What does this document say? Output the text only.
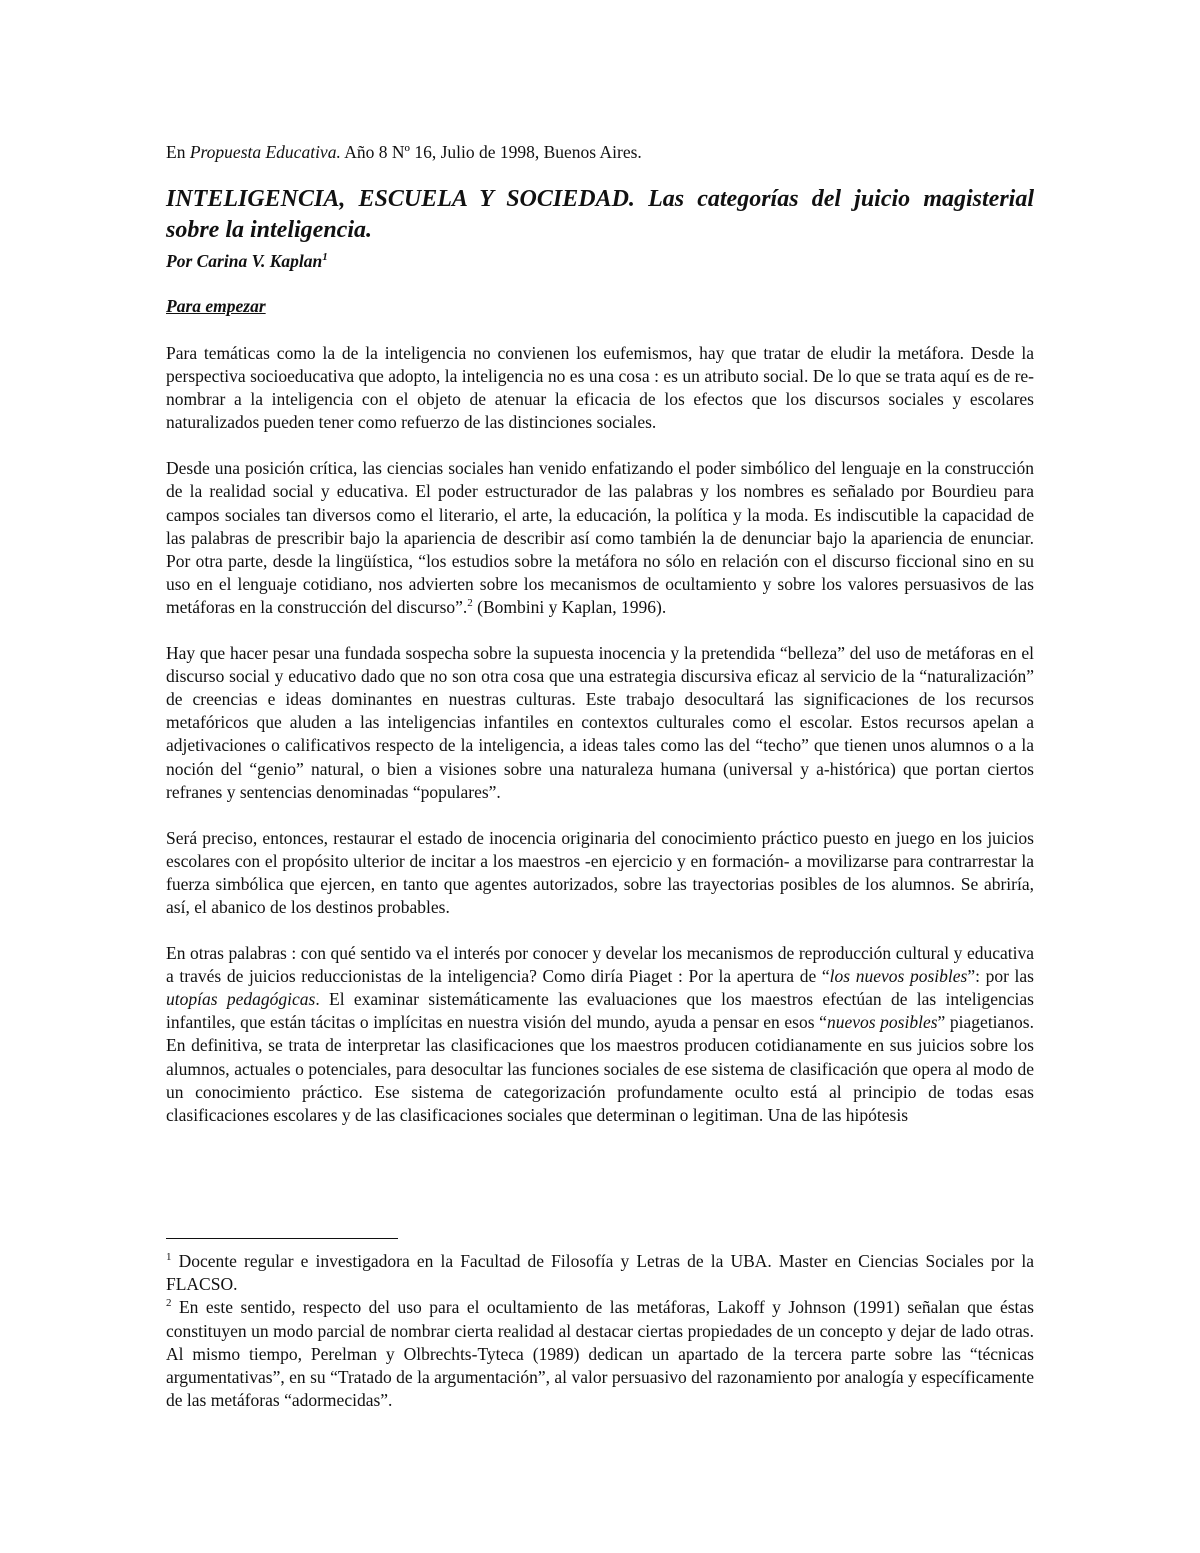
En Propuesta Educativa. Año 8 Nº 16, Julio de 1998, Buenos Aires.

INTELIGENCIA, ESCUELA Y SOCIEDAD. Las categorías del juicio magisterial sobre la inteligencia.

Por Carina V. Kaplan$^1$

Para empezar

Para temáticas como la de la inteligencia no convienen los eufemismos, hay que tratar de eludir la metáfora. Desde la perspectiva socioeducativa que adopto, la inteligencia no es una cosa : es un atributo social. De lo que se trata aquí es de re-nombrar a la inteligencia con el objeto de atenuar la eficacia de los efectos que los discursos sociales y escolares naturalizados pueden tener como refuerzo de las distinciones sociales.

Desde una posición crítica, las ciencias sociales han venido enfatizando el poder simbólico del lenguaje en la construcción de la realidad social y educativa. El poder estructurador de las palabras y los nombres es señalado por Bourdieu para campos sociales tan diversos como el literario, el arte, la educación, la política y la moda. Es indiscutible la capacidad de las palabras de prescribir bajo la apariencia de describir así como también la de denunciar bajo la apariencia de enunciar. Por otra parte, desde la lingüística, “los estudios sobre la metáfora no sólo en relación con el discurso ficcional sino en su uso en el lenguaje cotidiano, nos advierten sobre los mecanismos de ocultamiento y sobre los valores persuasivos de las metáforas en la construcción del discurso”.$^2$ (Bombini y Kaplan, 1996).

Hay que hacer pesar una fundada sospecha sobre la supuesta inocencia y la pretendida “belleza” del uso de metáforas en el discurso social y educativo dado que no son otra cosa que una estrategia discursiva eficaz al servicio de la “naturalización” de creencias e ideas dominantes en nuestras culturas. Este trabajo desocultará las significaciones de los recursos metafóricos que aluden a las inteligencias infantiles en contextos culturales como el escolar. Estos recursos apelan a adjetivaciones o calificativos respecto de la inteligencia, a ideas tales como las del “techo” que tienen unos alumnos o a la noción del “genio” natural, o bien a visiones sobre una naturaleza humana (universal y a-histórica) que portan ciertos refranes y sentencias denominadas “populares”.

Será preciso, entonces, restaurar el estado de inocencia originaria del conocimiento práctico puesto en juego en los juicios escolares con el propósito ulterior de incitar a los maestros -en ejercicio y en formación- a movilizarse para contrarrestar la fuerza simbólica que ejercen, en tanto que agentes autorizados, sobre las trayectorias posibles de los alumnos. Se abriría, así, el abanico de los destinos probables.

En otras palabras : con qué sentido va el interés por conocer y develar los mecanismos de reproducción cultural y educativa a través de juicios reduccionistas de la inteligencia? Como diría Piaget : Por la apertura de “los nuevos posibles”: por las utopías pedagógicas. El examinar sistemáticamente las evaluaciones que los maestros efectúan de las inteligencias infantiles, que están tácitas o implícitas en nuestra visión del mundo, ayuda a pensar en esos “nuevos posibles” piagetianos. En definitiva, se trata de interpretar las clasificaciones que los maestros producen cotidianamente en sus juicios sobre los alumnos, actuales o potenciales, para desocultar las funciones sociales de ese sistema de clasificación que opera al modo de un conocimiento práctico. Ese sistema de categorización profundamente oculto está al principio de todas esas clasificaciones escolares y de las clasificaciones sociales que determinan o legitiman. Una de las hipótesis

$^1$ Docente regular e investigadora en la Facultad de Filosofía y Letras de la UBA. Master en Ciencias Sociales por la FLACSO.

$^2$ En este sentido, respecto del uso para el ocultamiento de las metáforas, Lakoff y Johnson (1991) señalan que éstas constituyen un modo parcial de nombrar cierta realidad al destacar ciertas propiedades de un concepto y dejar de lado otras. Al mismo tiempo, Perelman y Olbrechts-Tyteca (1989) dedican un apartado de la tercera parte sobre las “técnicas argumentativas”, en su “Tratado de la argumentación”, al valor persuasivo del razonamiento por analogía y específicamente de las metáforas “adormecidas”.
